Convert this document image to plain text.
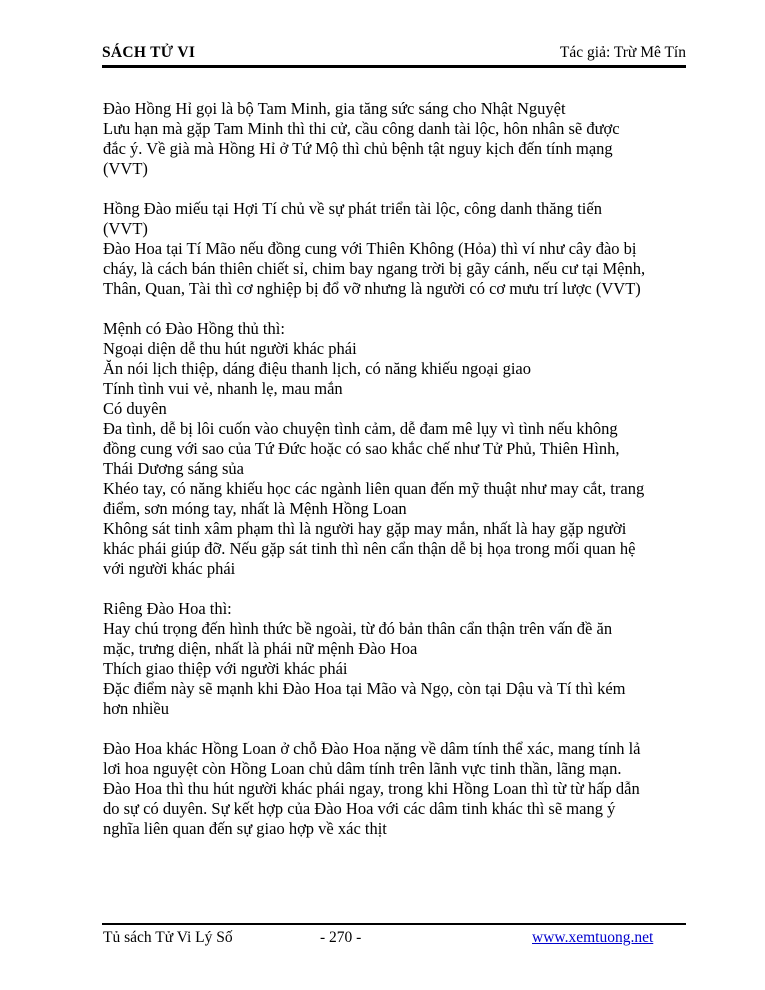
SÁCH TỬ VI	Tác giả: Trừ Mê Tín
Đào Hồng Hỉ gọi là bộ Tam Minh, gia tăng sức sáng cho Nhật Nguyệt
Lưu hạn mà gặp Tam Minh thì thi cử, cầu công danh tài lộc, hôn nhân sẽ được
đắc ý. Về già mà Hồng Hỉ ở Tứ Mộ thì chủ bệnh tật nguy kịch đến tính mạng
(VVT)
Hồng Đào miếu tại Hợi Tí chủ về sự phát triển tài lộc, công danh thăng tiến
(VVT)
Đào Hoa tại Tí Mão nếu đồng cung với Thiên Không (Hỏa) thì ví như cây đào bị
cháy, là cách bán thiên chiết sỉ, chim bay ngang trời bị gãy cánh, nếu cư tại Mệnh,
Thân, Quan, Tài thì cơ nghiệp bị đổ vỡ nhưng là người có cơ mưu trí lược (VVT)
Mệnh có Đào Hồng thủ thì:
Ngoại diện dễ thu hút người khác phái
Ăn nói lịch thiệp, dáng điệu thanh lịch, có năng khiếu ngoại giao
Tính tình vui vẻ, nhanh lẹ, mau mắn
Có duyên
Đa tình, dễ bị lôi cuốn vào chuyện tình cảm, dễ đam mê lụy vì tình nếu không
đồng cung với sao của Tứ Đức hoặc có sao khắc chế như Tử Phủ, Thiên Hình,
Thái Dương sáng sủa
Khéo tay, có năng khiếu học các ngành liên quan đến mỹ thuật như may cắt, trang
điểm, sơn móng tay, nhất là Mệnh Hồng Loan
Không sát tinh xâm phạm thì là người hay gặp may mắn, nhất là hay gặp người
khác phái giúp đỡ. Nếu gặp sát tinh thì nên cẩn thận dễ bị họa trong mối quan hệ
với người khác phái
Riêng Đào Hoa thì:
Hay chú trọng đến hình thức bề ngoài, từ đó bản thân cẩn thận trên vấn đề ăn
mặc, trưng diện, nhất là phái nữ mệnh Đào Hoa
Thích giao thiệp với người khác phái
Đặc điểm này sẽ mạnh khi Đào Hoa tại Mão và Ngọ, còn tại Dậu và Tí thì kém
hơn nhiều
Đào Hoa khác Hồng Loan ở chỗ Đào Hoa nặng về dâm tính thể xác, mang tính lả
lơi hoa nguyệt còn Hồng Loan chủ dâm tính trên lãnh vực tinh thần, lãng mạn.
Đào Hoa thì thu hút người khác phái ngay, trong khi Hồng Loan thì từ từ hấp dẫn
do sự có duyên. Sự kết hợp của Đào Hoa với các dâm tinh khác thì sẽ mang ý
nghĩa liên quan đến sự giao hợp về xác thịt
Tủ sách Tử Vi Lý Số	- 270 -	www.xemtuong.net
